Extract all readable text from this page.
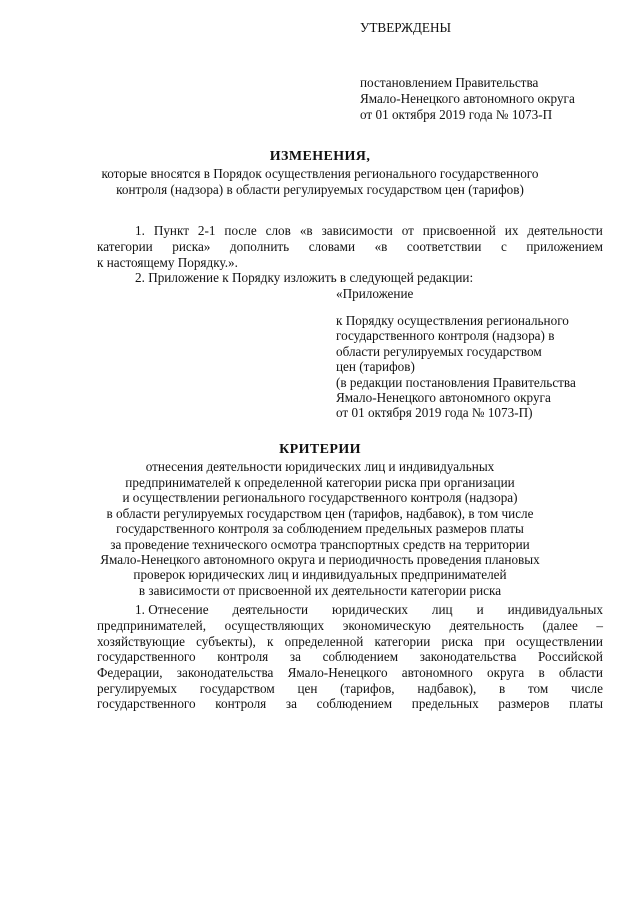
УТВЕРЖДЕНЫ
постановлением Правительства
Ямало-Ненецкого автономного округа
от 01 октября 2019 года № 1073-П
ИЗМЕНЕНИЯ,
которые вносятся в Порядок осуществления регионального государственного
контроля (надзора) в области регулируемых государством цен (тарифов)
1. Пункт 2-1 после слов «в зависимости от присвоенной их деятельности
категории риска» дополнить словами «в соответствии с приложением
к настоящему Порядку.».
2. Приложение к Порядку изложить в следующей редакции:
«Приложение
к Порядку осуществления регионального
государственного контроля (надзора) в
области регулируемых государством
цен (тарифов)
(в редакции постановления Правительства
Ямало-Ненецкого автономного округа
от 01 октября 2019 года № 1073-П)
КРИТЕРИИ
отнесения деятельности юридических лиц и индивидуальных
предпринимателей к определенной категории риска при организации
и осуществлении регионального государственного контроля (надзора)
в области регулируемых государством цен (тарифов, надбавок), в том числе
государственного контроля за соблюдением предельных размеров платы
за проведение технического осмотра транспортных средств на территории
Ямало-Ненецкого автономного округа и периодичность проведения плановых
проверок юридических лиц и индивидуальных предпринимателей
в зависимости от присвоенной их деятельности категории риска
1. Отнесение деятельности юридических лиц и индивидуальных
предпринимателей, осуществляющих экономическую деятельность (далее –
хозяйствующие субъекты), к определенной категории риска при осуществлении
государственного контроля за соблюдением законодательства Российской
Федерации, законодательства Ямало-Ненецкого автономного округа в области
регулируемых государством цен (тарифов, надбавок), в том числе
государственного контроля за соблюдением предельных размеров платы
